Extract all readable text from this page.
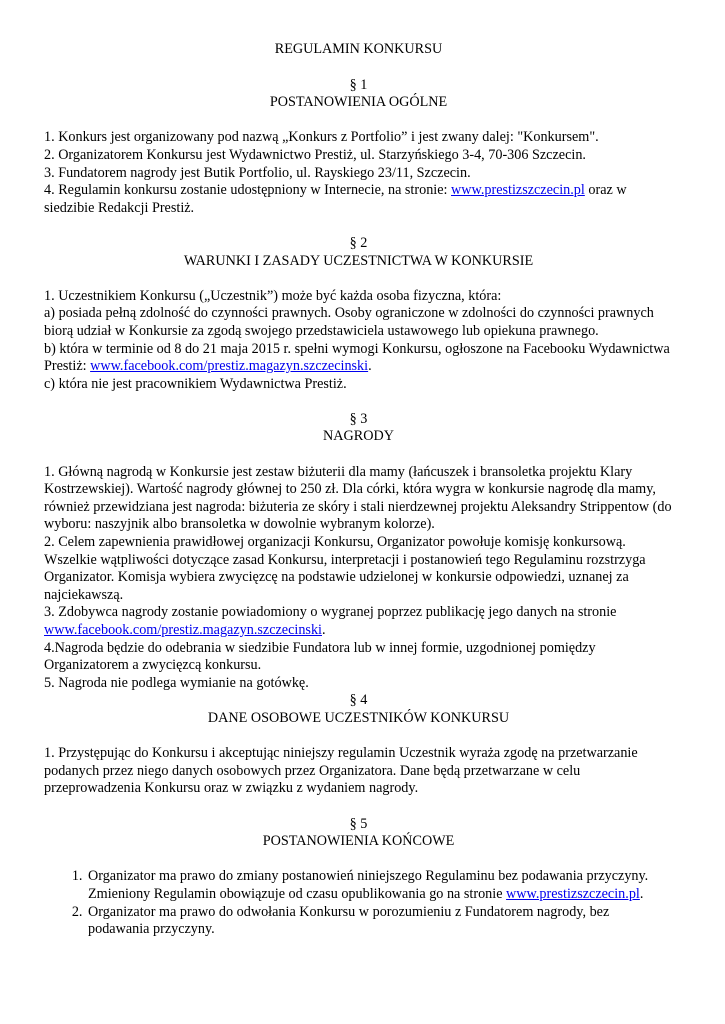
REGULAMIN KONKURSU

§ 1

POSTANOWIENIA OGÓLNE

1. Konkurs jest organizowany pod nazwą „Konkurs z Portfolio” i jest zwany dalej: "Konkursem".

2. Organizatorem Konkursu jest Wydawnictwo Prestiż, ul. Starzyńskiego 3-4, 70-306 Szczecin.

3. Fundatorem nagrody jest Butik Portfolio, ul. Rayskiego 23/11, Szczecin.

4. Regulamin konkursu zostanie udostępniony w Internecie, na stronie: www.prestizszczecin.pl oraz w siedzibie Redakcji Prestiż.

§ 2

WARUNKI I ZASADY UCZESTNICTWA W KONKURSIE

1. Uczestnikiem Konkursu („Uczestnik”) może być każda osoba fizyczna, która:

a) posiada pełną zdolność do czynności prawnych. Osoby ograniczone w zdolności do czynności prawnych biorą udział w Konkursie za zgodą swojego przedstawiciela ustawowego lub opiekuna prawnego.

b) która w terminie od 8 do 21 maja 2015 r. spełni wymogi Konkursu, ogłoszone na Facebooku Wydawnictwa Prestiż: www.facebook.com/prestiz.magazyn.szczecinski.

c) która nie jest pracownikiem Wydawnictwa Prestiż.

§ 3

NAGRODY

1. Główną nagrodą w Konkursie jest zestaw biżuterii dla mamy (łańcuszek i bransoletka projektu Klary Kostrzewskiej). Wartość nagrody głównej to 250 zł. Dla córki, która wygra w konkursie nagrodę dla mamy, również przewidziana jest nagroda: biżuteria ze skóry i stali nierdzewnej projektu Aleksandry Strippentow (do wyboru: naszyjnik albo bransoletka w dowolnie wybranym kolorze).

2. Celem zapewnienia prawidłowej organizacji Konkursu, Organizator powołuje komisję konkursową. Wszelkie wątpliwości dotyczące zasad Konkursu, interpretacji i postanowień tego Regulaminu rozstrzyga Organizator. Komisja wybiera zwycięzcę na podstawie udzielonej w konkursie odpowiedzi, uznanej za najciekawszą.

3. Zdobywca nagrody zostanie powiadomiony o wygranej poprzez publikację jego danych na stronie www.facebook.com/prestiz.magazyn.szczecinski.

4.Nagroda będzie do odebrania w siedzibie Fundatora lub w innej formie, uzgodnionej pomiędzy Organizatorem a zwycięzcą konkursu.

5. Nagroda nie podlega wymianie na gotówkę.

§ 4

DANE OSOBOWE UCZESTNIKÓW KONKURSU

1. Przystępując do Konkursu i akceptując niniejszy regulamin Uczestnik wyraża zgodę na przetwarzanie podanych przez niego danych osobowych przez Organizatora. Dane będą przetwarzane w celu przeprowadzenia Konkursu oraz w związku z wydaniem nagrody.

§ 5

POSTANOWIENIA KOŃCOWE

1. Organizator ma prawo do zmiany postanowień niniejszego Regulaminu bez podawania przyczyny. Zmieniony Regulamin obowiązuje od czasu opublikowania go na stronie www.prestizszczecin.pl.
2. Organizator ma prawo do odwołania Konkursu w porozumieniu z Fundatorem nagrody, bez podawania przyczyny.
